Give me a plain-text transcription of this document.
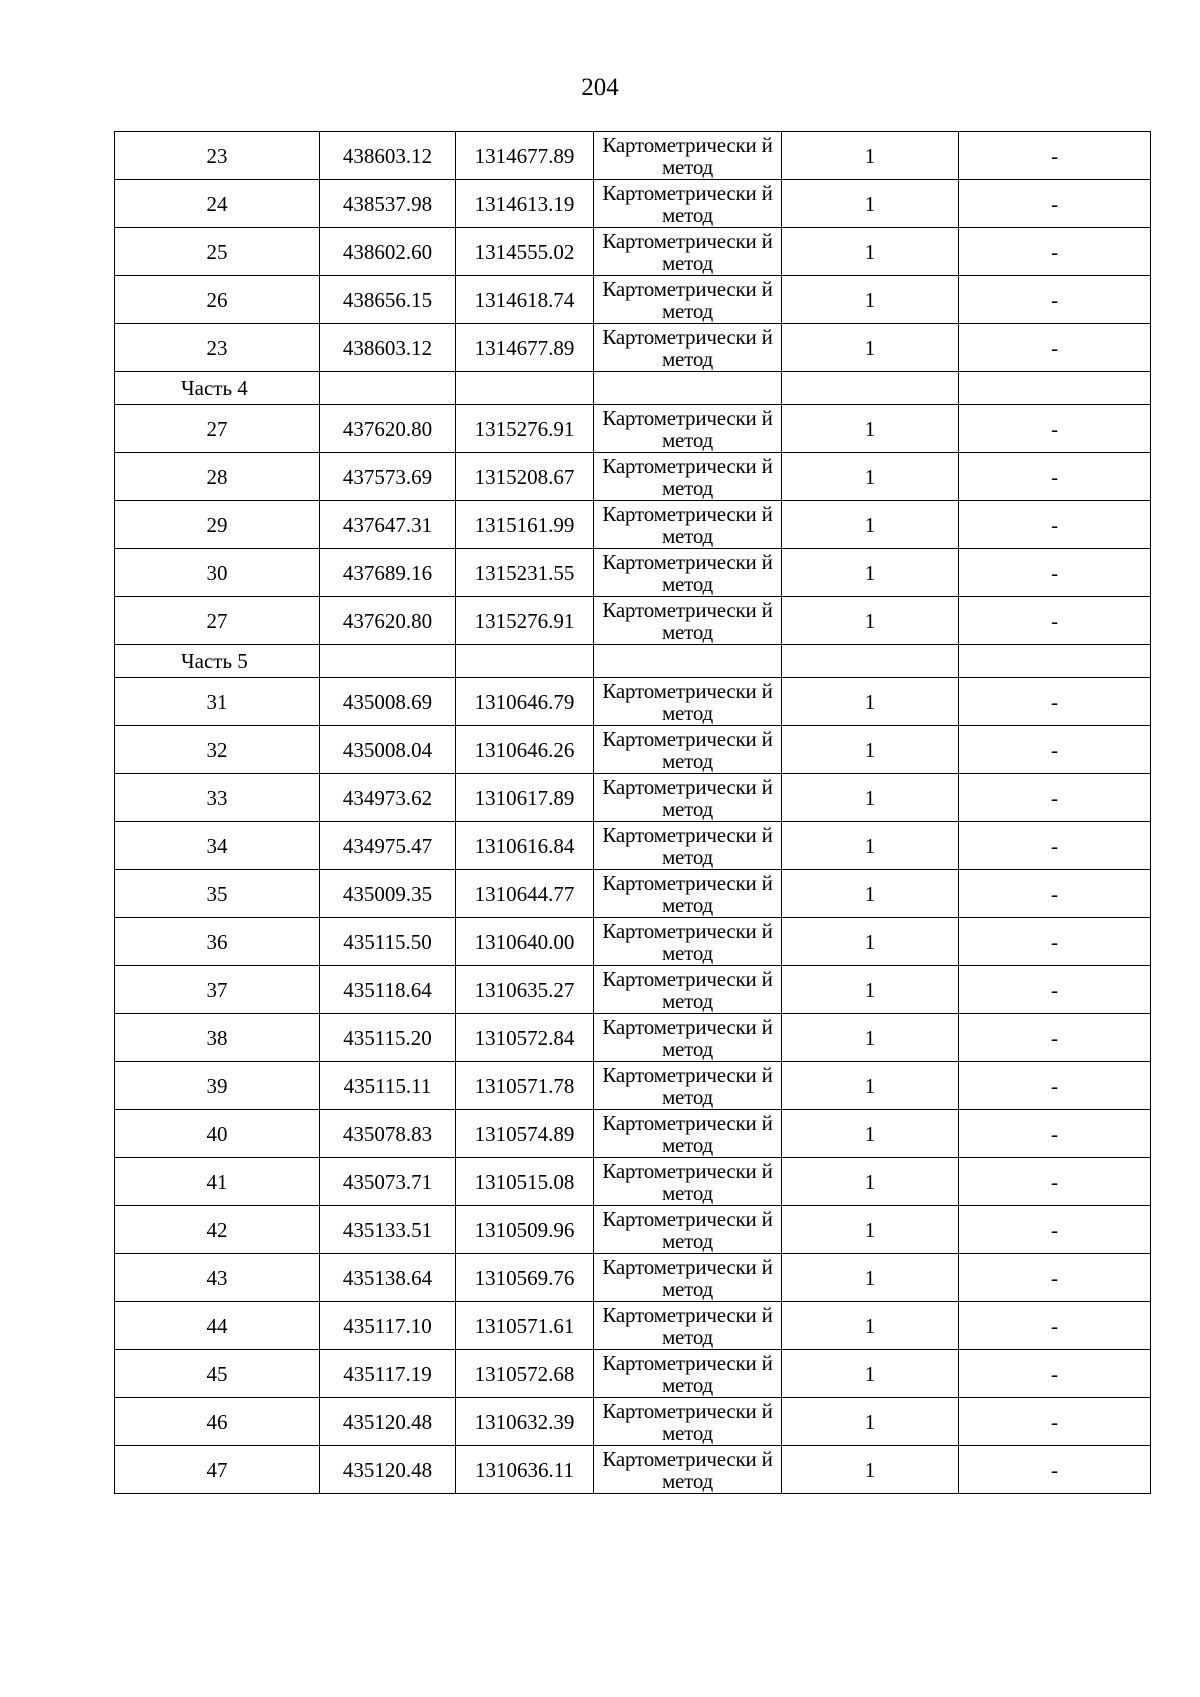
204
23	438603.12	1314677.89	Картометрически й метод	1	-
24	438537.98	1314613.19	Картометрически й метод	1	-
25	438602.60	1314555.02	Картометрически й метод	1	-
26	438656.15	1314618.74	Картометрически й метод	1	-
23	438603.12	1314677.89	Картометрически й метод	1	-
Часть 4					
27	437620.80	1315276.91	Картометрически й метод	1	-
28	437573.69	1315208.67	Картометрически й метод	1	-
29	437647.31	1315161.99	Картометрически й метод	1	-
30	437689.16	1315231.55	Картометрически й метод	1	-
27	437620.80	1315276.91	Картометрически й метод	1	-
Часть 5					
31	435008.69	1310646.79	Картометрически й метод	1	-
32	435008.04	1310646.26	Картометрически й метод	1	-
33	434973.62	1310617.89	Картометрически й метод	1	-
34	434975.47	1310616.84	Картометрически й метод	1	-
35	435009.35	1310644.77	Картометрически й метод	1	-
36	435115.50	1310640.00	Картометрически й метод	1	-
37	435118.64	1310635.27	Картометрически й метод	1	-
38	435115.20	1310572.84	Картометрически й метод	1	-
39	435115.11	1310571.78	Картометрически й метод	1	-
40	435078.83	1310574.89	Картометрически й метод	1	-
41	435073.71	1310515.08	Картометрически й метод	1	-
42	435133.51	1310509.96	Картометрически й метод	1	-
43	435138.64	1310569.76	Картометрически й метод	1	-
44	435117.10	1310571.61	Картометрически й метод	1	-
45	435117.19	1310572.68	Картометрически й метод	1	-
46	435120.48	1310632.39	Картометрически й метод	1	-
47	435120.48	1310636.11	Картометрически й метод	1	-
